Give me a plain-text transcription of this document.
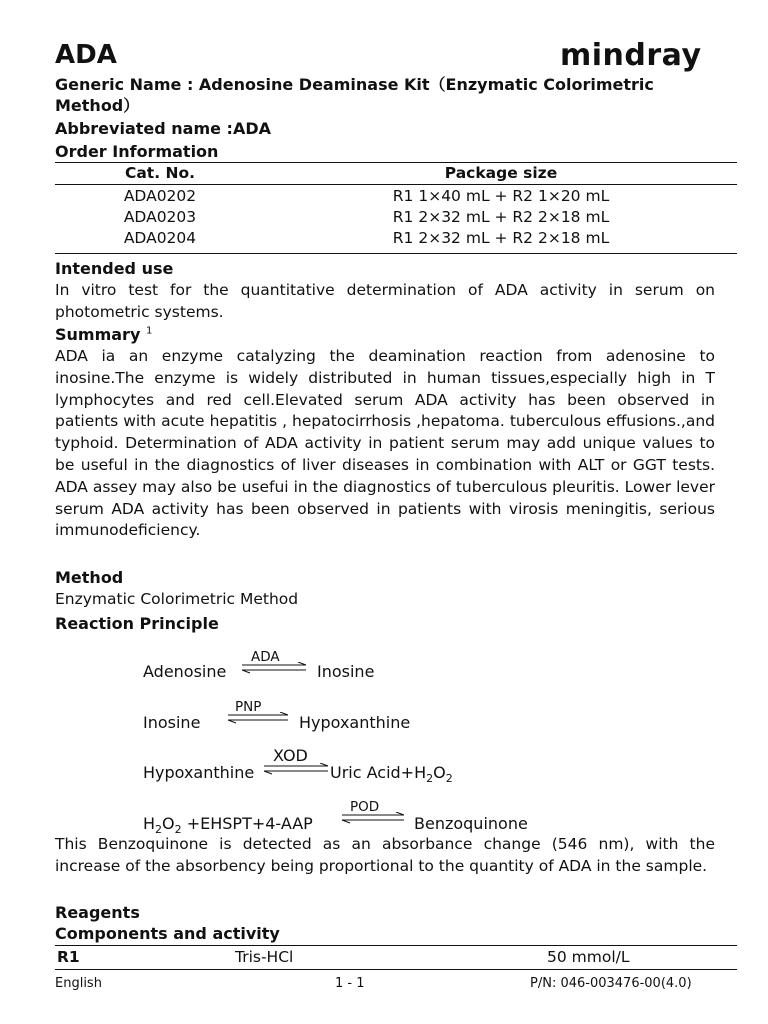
ADA	mindray
Generic Name : Adenosine Deaminase Kit（Enzymatic Colorimetric
Method）
Abbreviated name :ADA
Order Information
Cat. No.	Package size
ADA0202	R1 1×40 mL + R2 1×20 mL
ADA0203	R1 2×32 mL + R2 2×18 mL
ADA0204	R1 2×32 mL + R2 2×18 mL
Intended use

In vitro test for the quantitative determination of ADA activity in serum on photometric systems.

Summary $^1$

ADA ia an enzyme catalyzing the deamination reaction from adenosine to inosine.The enzyme is widely distributed in human tissues,especially high in T lymphocytes and red cell.Elevated serum ADA activity has been observed in patients with acute hepatitis , hepatocirrhosis ,hepatoma. tuberculous effusions.,and typhoid. Determination of ADA activity in patient serum may add unique values to be useful in the diagnostics of liver diseases in combination with ALT or GGT tests. ADA assey may also be usefui in the diagnostics of tuberculous pleuritis. Lower lever serum ADA activity has been observed in patients with virosis meningitis, serious immunodeficiency.

Method

Enzymatic Colorimetric Method

Reaction Principle
Adenosine
ADA
Inosine
Inosine
PNP
Hypoxanthine
Hypoxanthine
XOD
Uric $Acid+H_2O_2$
$H_2O_2$ +EHSPT+4-AAP
POD
Benzoquinone

This Benzoquinone is detected as an absorbance change (546 nm), with the increase of the absorbency being proportional to the quantity of ADA in the sample.

Reagents
Components and activity
R1	Tris-HCl	50 mmol/L
English	1 - 1	P/N: 046-003476-00(4.0)
